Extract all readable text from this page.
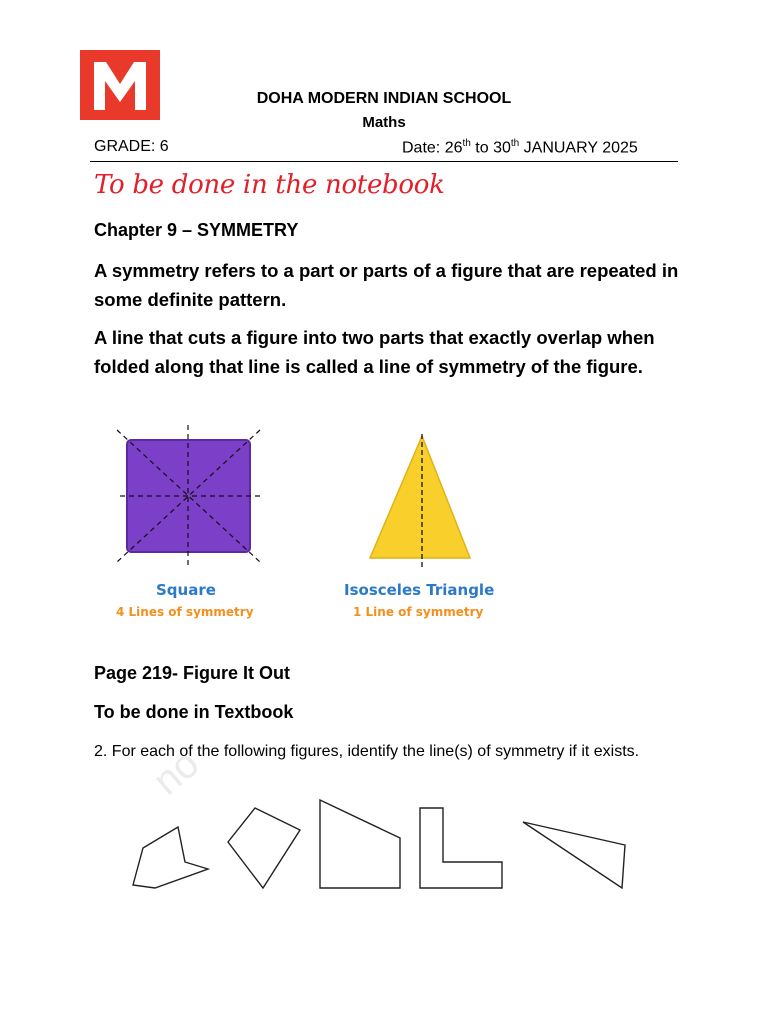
DOHA MODERN INDIAN SCHOOL
Maths
GRADE: 6	Date: 26th to 30th JANUARY 2025
To be done in the notebook
Chapter 9 – SYMMETRY
A symmetry refers to a part or parts of a figure that are repeated in some definite pattern.
A line that cuts a figure into two parts that exactly overlap when folded along that line is called a line of symmetry of the figure.
Square
4 Lines of symmetry
Isosceles Triangle
1 Line of symmetry
no
Page 219- Figure It Out
To be done in Textbook
2. For each of the following figures, identify the line(s) of symmetry if it exists.
